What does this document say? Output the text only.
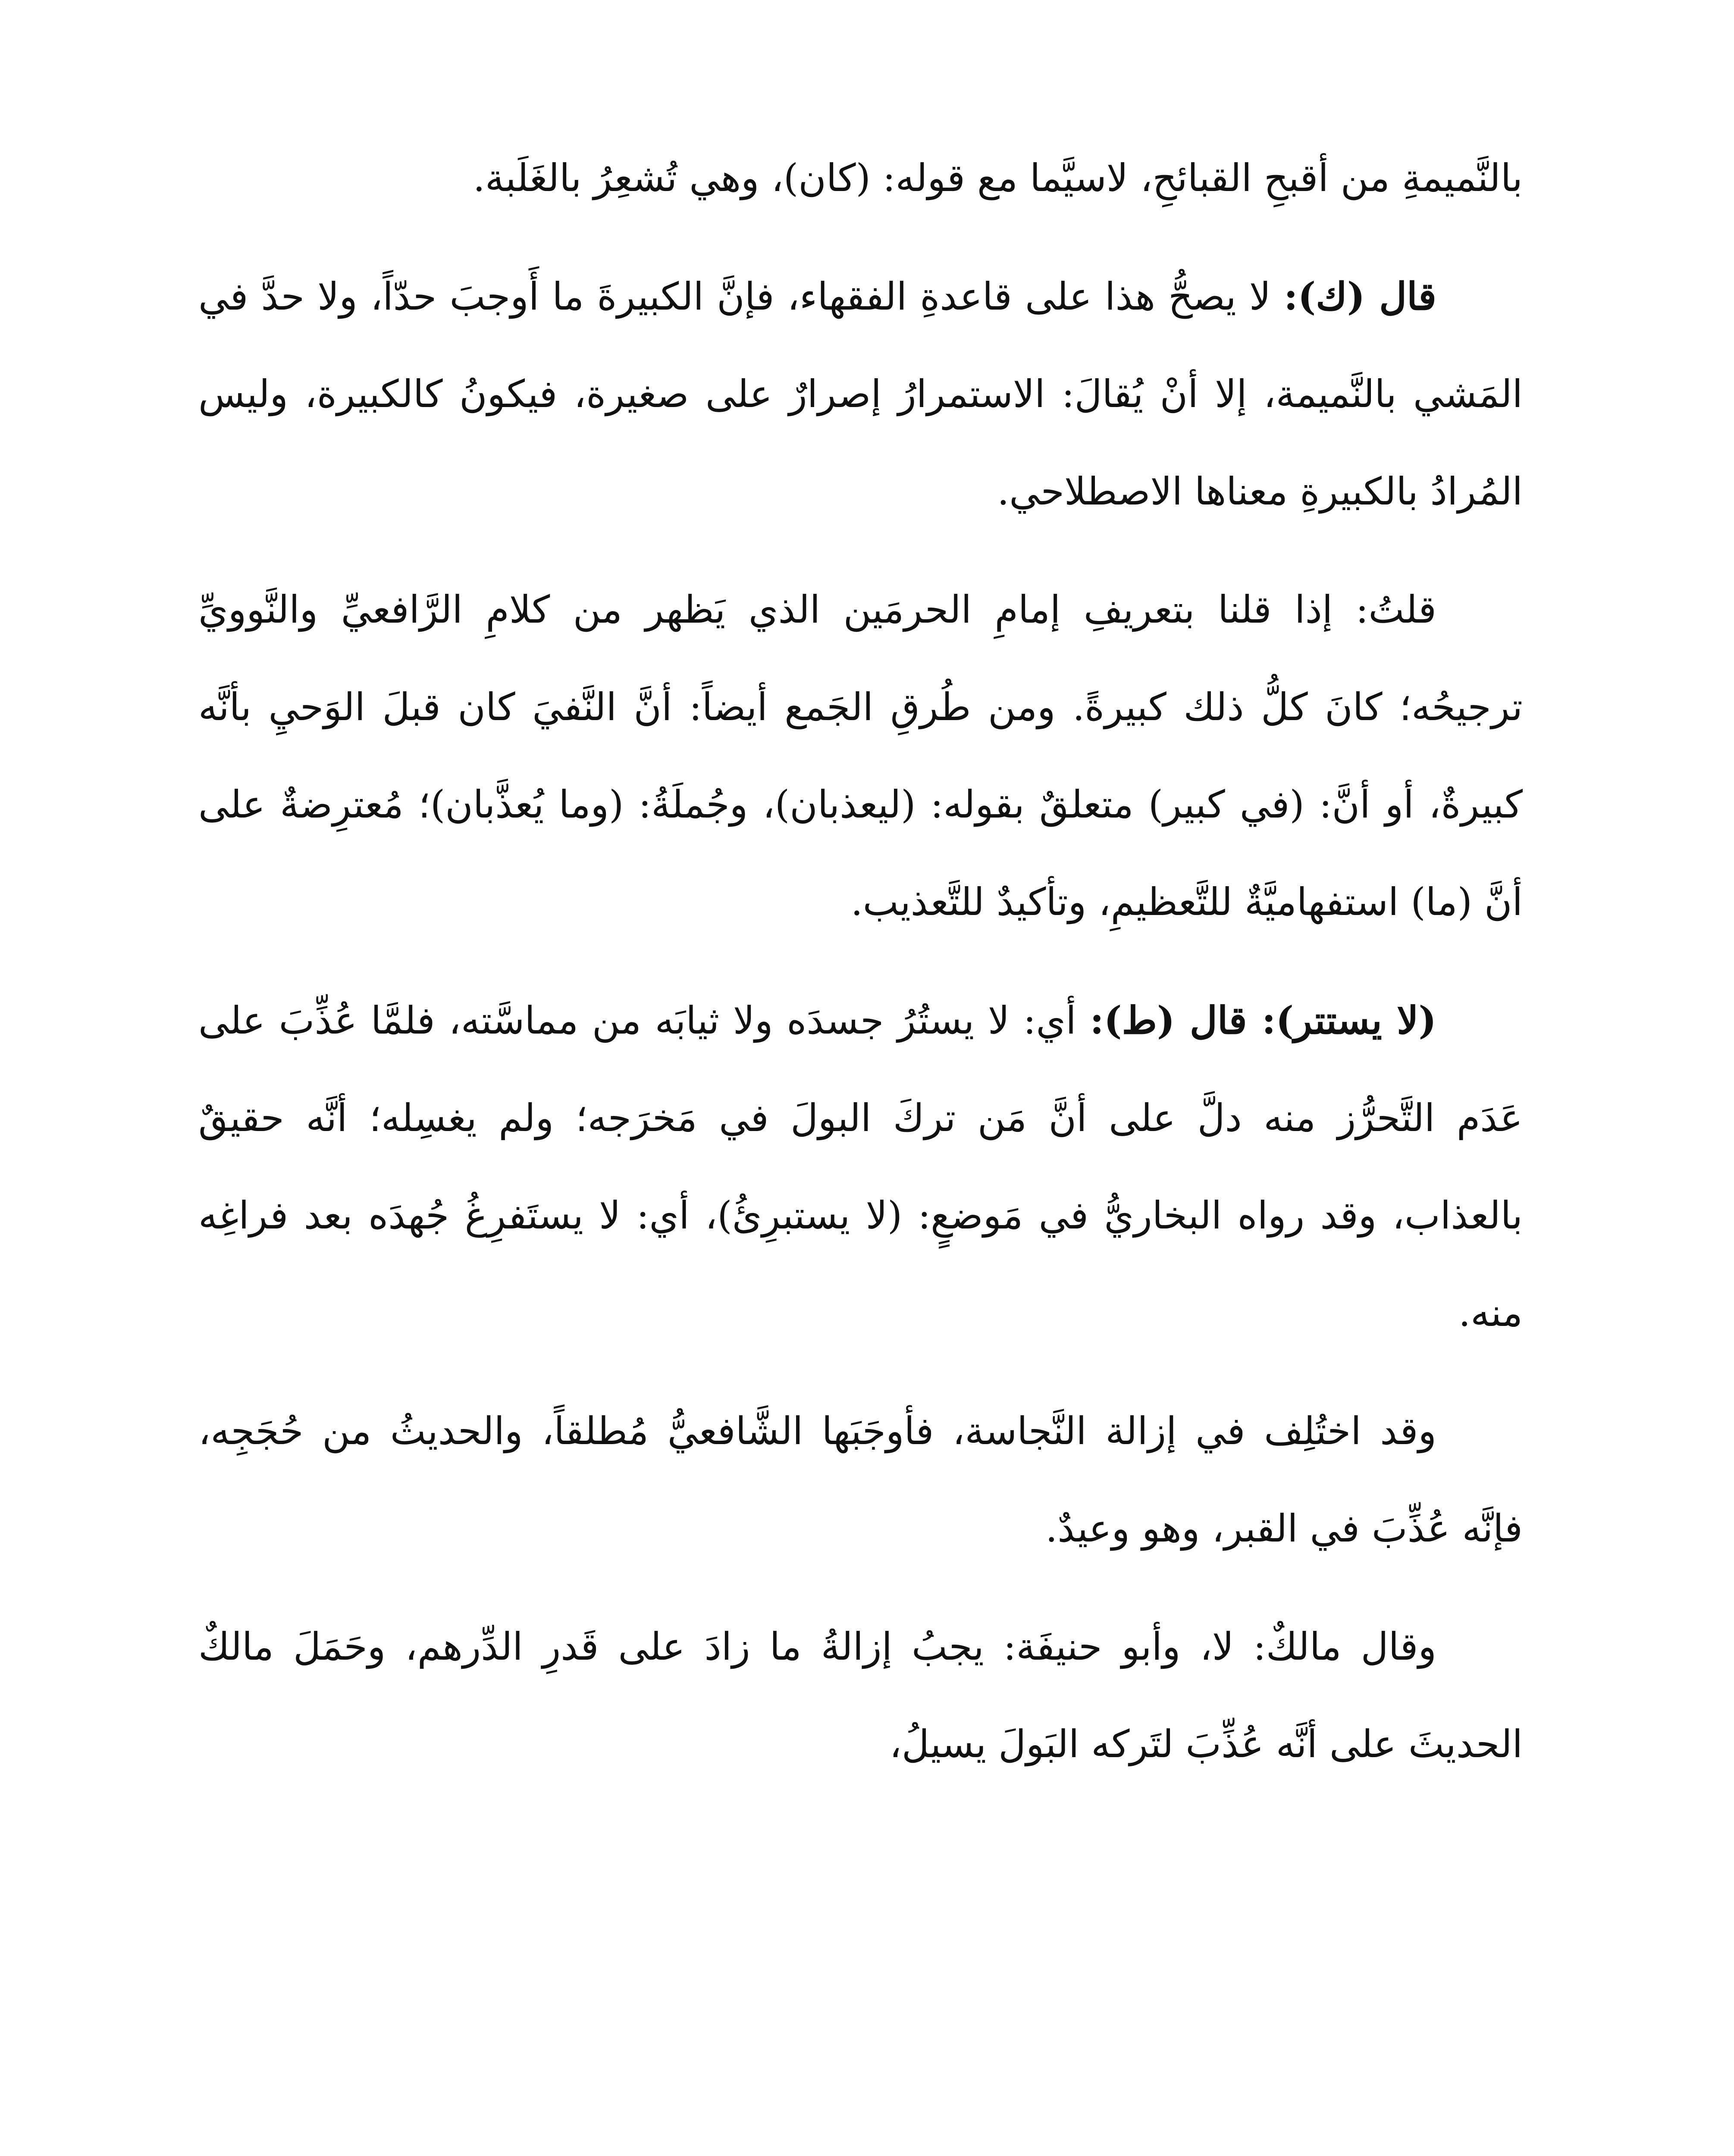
بالنَّميمةِ من أقبحِ القبائحِ، لاسيَّما مع قوله: (كان)، وهي تُشعِرُ بالغَلَبة.

قال (ك): لا يصحُّ هذا على قاعدةِ الفقهاء، فإنَّ الكبيرةَ ما أَوجبَ حدّاً، ولا حدَّ في المَشي بالنَّميمة، إلا أنْ يُقالَ: الاستمرارُ إصرارٌ على صغيرة، فيكونُ كالكبيرة، وليس المُرادُ بالكبيرةِ معناها الاصطلاحي.

قلتُ: إذا قلنا بتعريفِ إمامِ الحرمَين الذي يَظهر من كلامِ الرَّافعيِّ والنَّوويِّ ترجيحُه؛ كانَ كلُّ ذلك كبيرةً. ومن طُرقِ الجَمع أيضاً: أنَّ النَّفيَ كان قبلَ الوَحيِ بأنَّه كبيرةٌ، أو أنَّ: (في كبير) متعلقٌ بقوله: (ليعذبان)، وجُملَةُ: (وما يُعذَّبان)؛ مُعترِضةٌ على أنَّ (ما) استفهاميَّةٌ للتَّعظيمِ، وتأكيدٌ للتَّعذيب.

(لا يستتر): قال (ط): أي: لا يستُرُ جسدَه ولا ثيابَه من مماسَّته، فلمَّا عُذِّبَ على عَدَم التَّحرُّز منه دلَّ على أنَّ مَن تركَ البولَ في مَخرَجه؛ ولم يغسِله؛ أنَّه حقيقٌ بالعذاب، وقد رواه البخاريُّ في مَوضعٍ: (لا يستبرِئُ)، أي: لا يستَفرِغُ جُهدَه بعد فراغِه منه.

وقد اختُلِف في إزالة النَّجاسة، فأوجَبَها الشَّافعيُّ مُطلقاً، والحديثُ من حُجَجِه، فإنَّه عُذِّبَ في القبر، وهو وعيدٌ.

وقال مالكٌ: لا، وأبو حنيفَة: يجبُ إزالةُ ما زادَ على قَدرِ الدِّرهم، وحَمَلَ مالكٌ الحديثَ على أنَّه عُذِّبَ لتَركه البَولَ يسيلُ،
